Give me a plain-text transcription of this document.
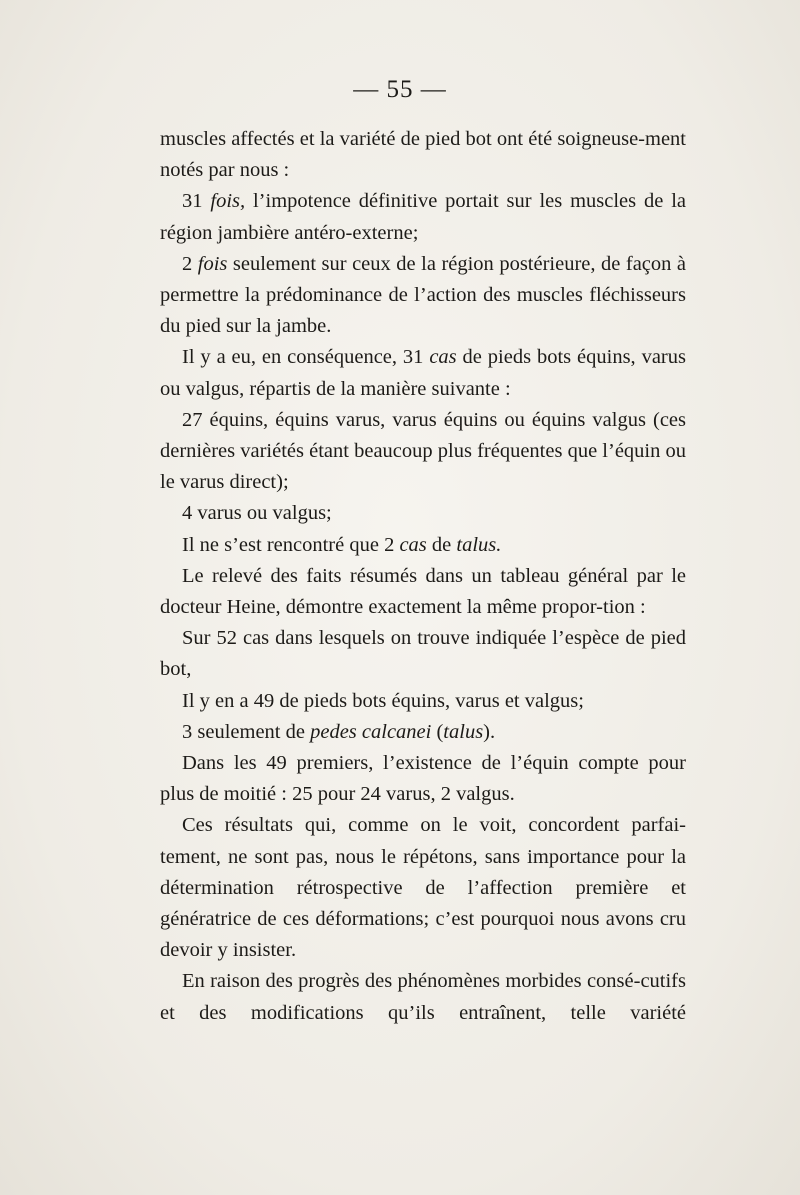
— 55 —

muscles affectés et la variété de pied bot ont été soigneuse-ment notés par nous :

31 fois, l’impotence définitive portait sur les muscles de la région jambière antéro-externe;

2 fois seulement sur ceux de la région postérieure, de façon à permettre la prédominance de l’action des muscles fléchisseurs du pied sur la jambe.

Il y a eu, en conséquence, 31 cas de pieds bots équins, varus ou valgus, répartis de la manière suivante :

27 équins, équins varus, varus équins ou équins valgus (ces dernières variétés étant beaucoup plus fréquentes que l’équin ou le varus direct);

4 varus ou valgus;

Il ne s’est rencontré que 2 cas de talus.

Le relevé des faits résumés dans un tableau général par le docteur Heine, démontre exactement la même propor-tion :

Sur 52 cas dans lesquels on trouve indiquée l’espèce de pied bot,

Il y en a 49 de pieds bots équins, varus et valgus;

3 seulement de pedes calcanei (talus).

Dans les 49 premiers, l’existence de l’équin compte pour plus de moitié : 25 pour 24 varus, 2 valgus.

Ces résultats qui, comme on le voit, concordent parfai-tement, ne sont pas, nous le répétons, sans importance pour la détermination rétrospective de l’affection première et génératrice de ces déformations; c’est pourquoi nous avons cru devoir y insister.

En raison des progrès des phénomènes morbides consé-cutifs et des modifications qu’ils entraînent, telle variété
